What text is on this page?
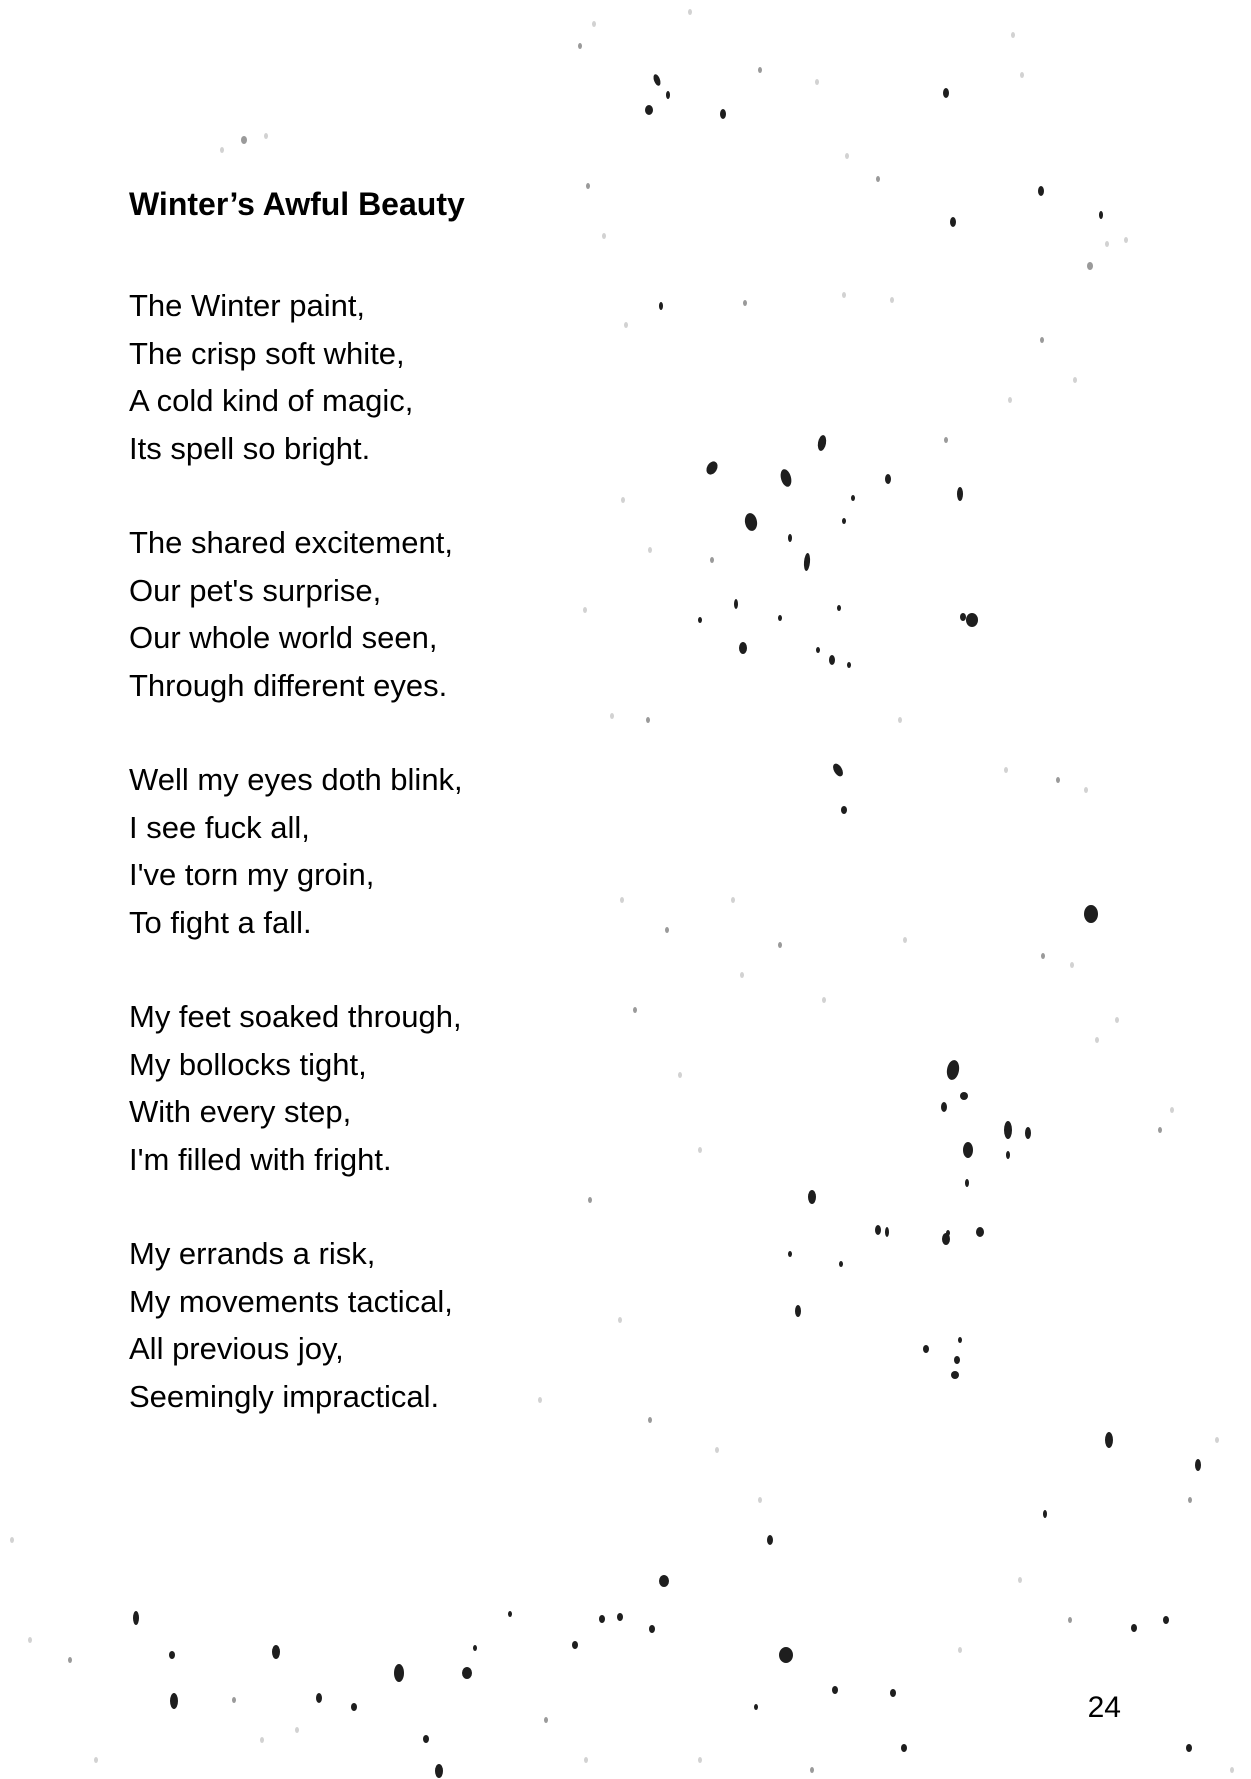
Winter’s Awful Beauty
The Winter paint,
The crisp soft white,
A cold kind of magic,
Its spell so bright.
The shared excitement,
Our pet's surprise,
Our whole world seen,
Through different eyes.
Well my eyes doth blink,
I see fuck all,
I've torn my groin,
To fight a fall.
My feet soaked through,
My bollocks tight,
With every step,
I'm filled with fright.
My errands a risk,
My movements tactical,
All previous joy,
Seemingly impractical.
24
